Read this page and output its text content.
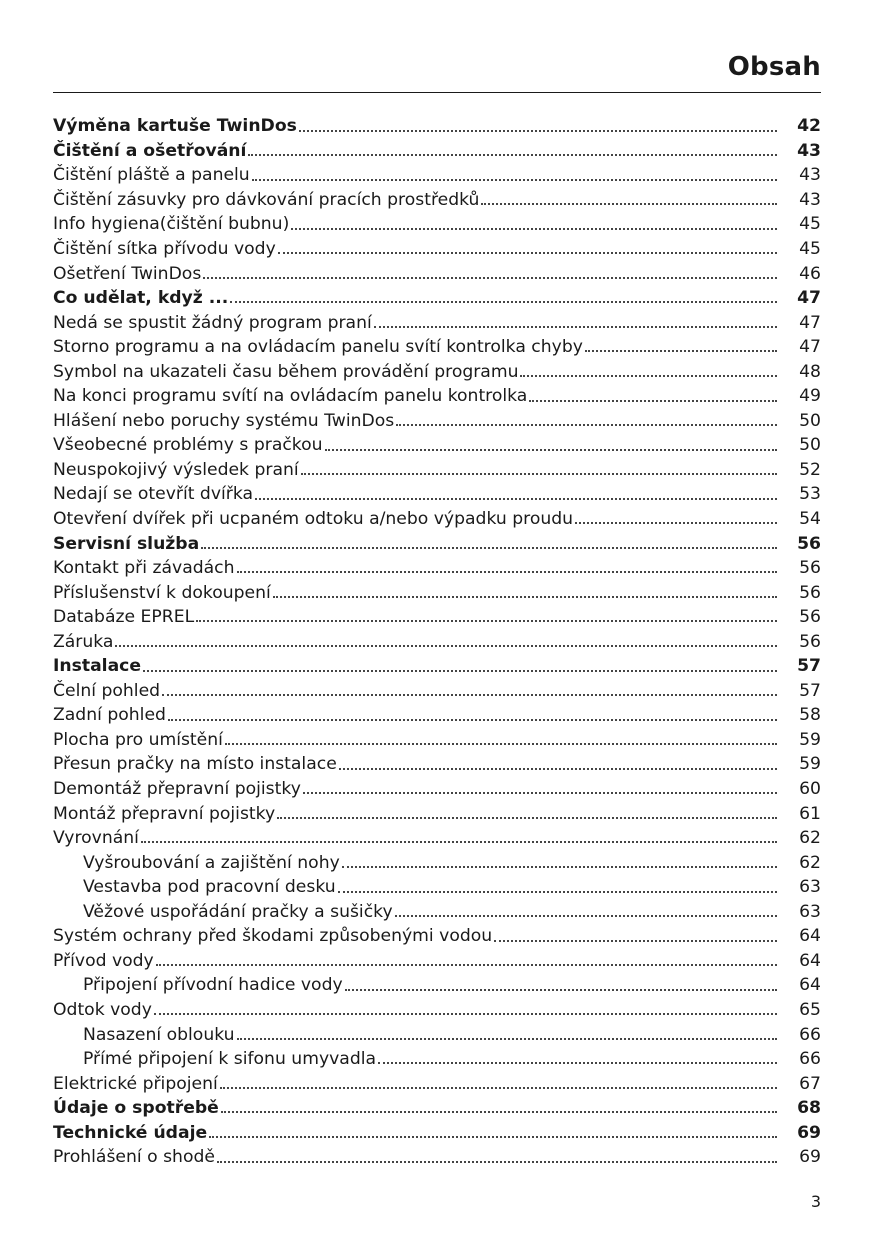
Obsah
Výměna kartuše TwinDos	42
Čištění a ošetřování	43
Čištění pláště a panelu	43
Čištění zásuvky pro dávkování pracích prostředků	43
Info hygiena(čištění bubnu)	45
Čištění sítka přívodu vody	45
Ošetření TwinDos	46
Co udělat, když ...	47
Nedá se spustit žádný program praní	47
Storno programu a na ovládacím panelu svítí kontrolka chyby	47
Symbol na ukazateli času během provádění programu	48
Na konci programu svítí na ovládacím panelu kontrolka	49
Hlášení nebo poruchy systému TwinDos	50
Všeobecné problémy s pračkou	50
Neuspokojivý výsledek praní	52
Nedají se otevřít dvířka	53
Otevření dvířek při ucpaném odtoku a/nebo výpadku proudu	54
Servisní služba	56
Kontakt při závadách	56
Příslušenství k dokoupení	56
Databáze EPREL	56
Záruka	56
Instalace	57
Čelní pohled	57
Zadní pohled	58
Plocha pro umístění	59
Přesun pračky na místo instalace	59
Demontáž přepravní pojistky	60
Montáž přepravní pojistky	61
Vyrovnání	62
Vyšroubování a zajištění nohy	62
Vestavba pod pracovní desku	63
Věžové uspořádání pračky a sušičky	63
Systém ochrany před škodami způsobenými vodou	64
Přívod vody	64
Připojení přívodní hadice vody	64
Odtok vody	65
Nasazení oblouku	66
Přímé připojení k sifonu umyvadla	66
Elektrické připojení	67
Údaje o spotřebě	68
Technické údaje	69
Prohlášení o shodě	69
3
